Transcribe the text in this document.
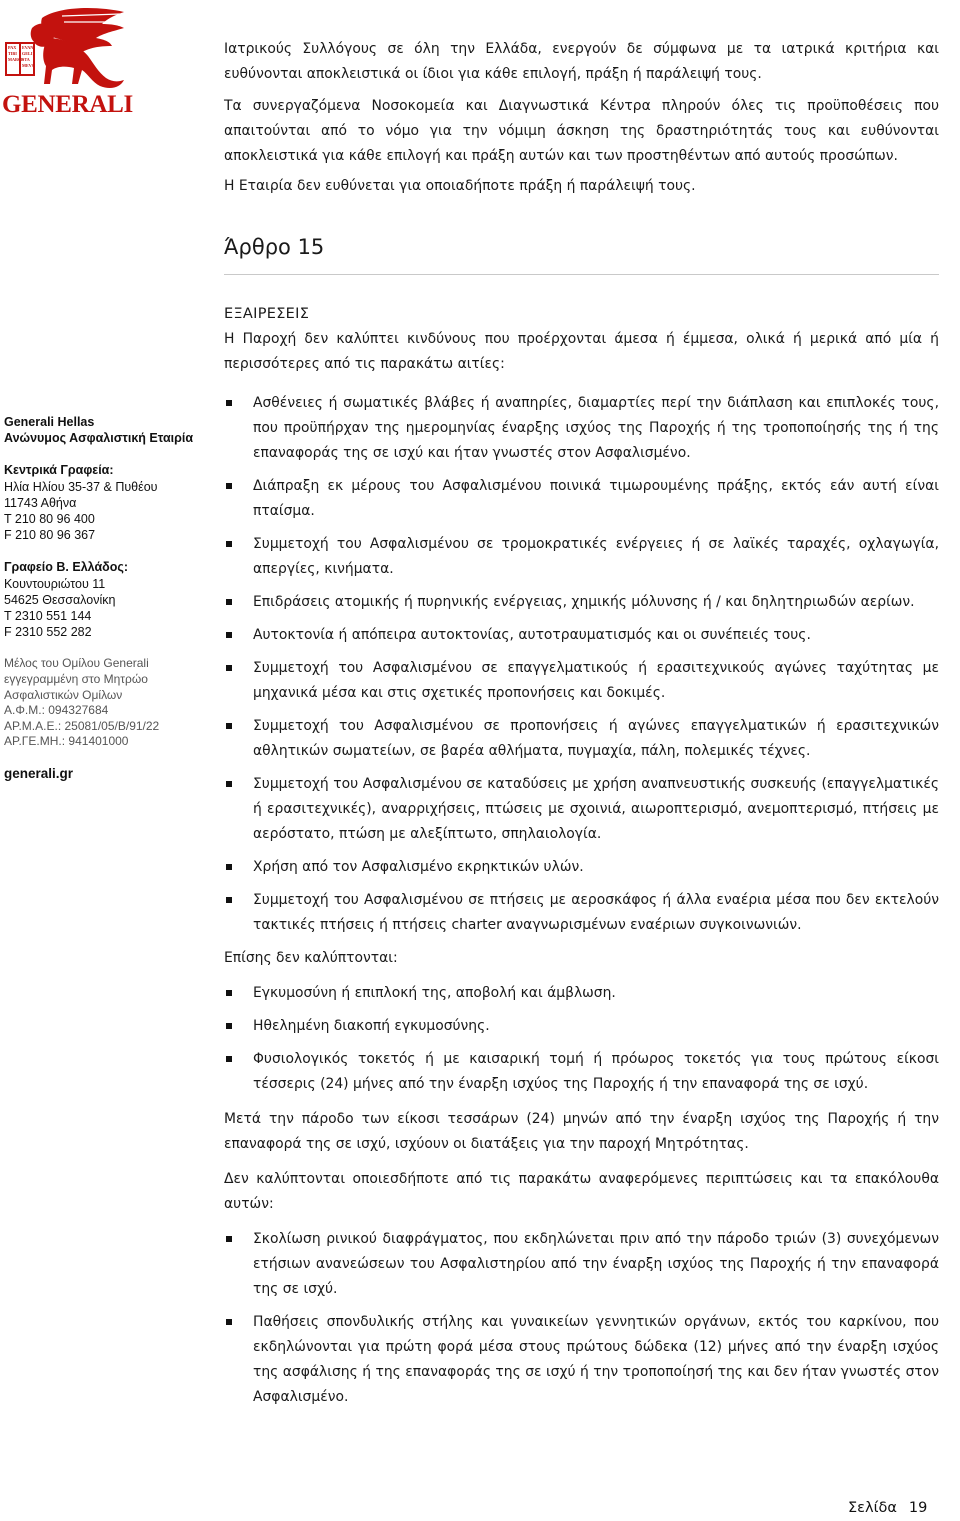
PAX
TIBI
MARCE
EVAN
GELI
STA
MEVS
GENERALI
Generali Hellas
Ανώνυμος Ασφαλιστική Εταιρία
Κεντρικά Γραφεία:
Ηλία Ηλίου 35-37 & Πυθέου
11743 Αθήνα
T 210 80 96 400
F 210 80 96 367
Γραφείο Β. Ελλάδος:
Κουντουριώτου 11
54625 Θεσσαλονίκη
T 2310 551 144
F 2310 552 282
Μέλος του Ομίλου Generali
εγγεγραμμένη στο Μητρώο
Ασφαλιστικών Ομίλων
Α.Φ.Μ.: 094327684
ΑΡ.Μ.Α.Ε.: 25081/05/Β/91/22
ΑΡ.ΓΕ.ΜΗ.: 941401000
generali.gr

Ιατρικούς Συλλόγους σε όλη την Ελλάδα, ενεργούν δε σύμφωνα με τα ιατρικά κριτήρια και ευθύνονται αποκλειστικά οι ίδιοι για κάθε επιλογή, πράξη ή παράλειψή τους.

Τα συνεργαζόμενα Νοσοκομεία και Διαγνωστικά Κέντρα πληρούν όλες τις προϋποθέσεις που απαιτούνται από το νόμο για την νόμιμη άσκηση της δραστηριότητάς τους και ευθύνονται αποκλειστικά για κάθε επιλογή και πράξη αυτών και των προστηθέντων από αυτούς προσώπων.

Η Εταιρία δεν ευθύνεται για οποιαδήποτε πράξη ή παράλειψή τους.

Άρθρο 15
ΕΞΑΙΡΕΣΕΙΣ

Η Παροχή δεν καλύπτει κινδύνους που προέρχονται άμεσα ή έμμεσα, ολικά ή μερικά από μία ή περισσότερες από τις παρακάτω αιτίες:

Ασθένειες ή σωματικές βλάβες ή αναπηρίες, διαμαρτίες περί την διάπλαση και επιπλοκές τους, που προϋπήρχαν της ημερομηνίας έναρξης ισχύος της Παροχής ή της τροποποίησής της ή της επαναφοράς της σε ισχύ και ήταν γνωστές στον Ασφαλισμένο.
Διάπραξη εκ μέρους του Ασφαλισμένου ποινικά τιμωρουμένης πράξης, εκτός εάν αυτή είναι πταίσμα.
Συμμετοχή του Ασφαλισμένου σε τρομοκρατικές ενέργειες ή σε λαϊκές ταραχές, οχλαγωγία, απεργίες, κινήματα.
Επιδράσεις ατομικής ή πυρηνικής ενέργειας, χημικής μόλυνσης ή / και δηλητηριωδών αερίων.
Αυτοκτονία ή απόπειρα αυτοκτονίας, αυτοτραυματισμός και οι συνέπειές τους.
Συμμετοχή του Ασφαλισμένου σε επαγγελματικούς ή ερασιτεχνικούς αγώνες ταχύτητας με μηχανικά μέσα και στις σχετικές προπονήσεις και δοκιμές.
Συμμετοχή του Ασφαλισμένου σε προπονήσεις ή αγώνες επαγγελματικών ή ερασιτεχνικών αθλητικών σωματείων, σε βαρέα αθλήματα, πυγμαχία, πάλη, πολεμικές τέχνες.
Συμμετοχή του Ασφαλισμένου σε καταδύσεις με χρήση αναπνευστικής συσκευής (επαγγελματικές ή ερασιτεχνικές), αναρριχήσεις, πτώσεις με σχοινιά, αιωροπτερισμό, ανεμοπτερισμό, πτήσεις με αερόστατο, πτώση με αλεξίπτωτο, σπηλαιολογία.
Χρήση από τον Ασφαλισμένο εκρηκτικών υλών.
Συμμετοχή του Ασφαλισμένου σε πτήσεις με αεροσκάφος ή άλλα εναέρια μέσα που δεν εκτελούν τακτικές πτήσεις ή πτήσεις charter αναγνωρισμένων εναέριων συγκοινωνιών.

Επίσης δεν καλύπτονται:

Εγκυμοσύνη ή επιπλοκή της, αποβολή και άμβλωση.
Ηθελημένη διακοπή εγκυμοσύνης.
Φυσιολογικός τοκετός ή με καισαρική τομή ή πρόωρος τοκετός για τους πρώτους είκοσι τέσσερις (24) μήνες από την έναρξη ισχύος της Παροχής ή την επαναφορά της σε ισχύ.

Μετά την πάροδο των είκοσι τεσσάρων (24) μηνών από την έναρξη ισχύος της Παροχής ή την επαναφορά της σε ισχύ, ισχύουν οι διατάξεις για την παροχή Μητρότητας.

Δεν καλύπτονται οποιεσδήποτε από τις παρακάτω αναφερόμενες περιπτώσεις και τα επακόλουθα αυτών:

Σκολίωση ρινικού διαφράγματος, που εκδηλώνεται πριν από την πάροδο τριών (3) συνεχόμενων ετήσιων ανανεώσεων του Ασφαλιστηρίου από την έναρξη ισχύος της Παροχής ή την επαναφορά της σε ισχύ.
Παθήσεις σπονδυλικής στήλης και γυναικείων γεννητικών οργάνων, εκτός του καρκίνου, που εκδηλώνονται για πρώτη φορά μέσα στους πρώτους δώδεκα (12) μήνες από την έναρξη ισχύος της ασφάλισης ή της επαναφοράς της σε ισχύ ή την τροποποίησή της και δεν ήταν γνωστές στον Ασφαλισμένο.
Σελίδα 19
